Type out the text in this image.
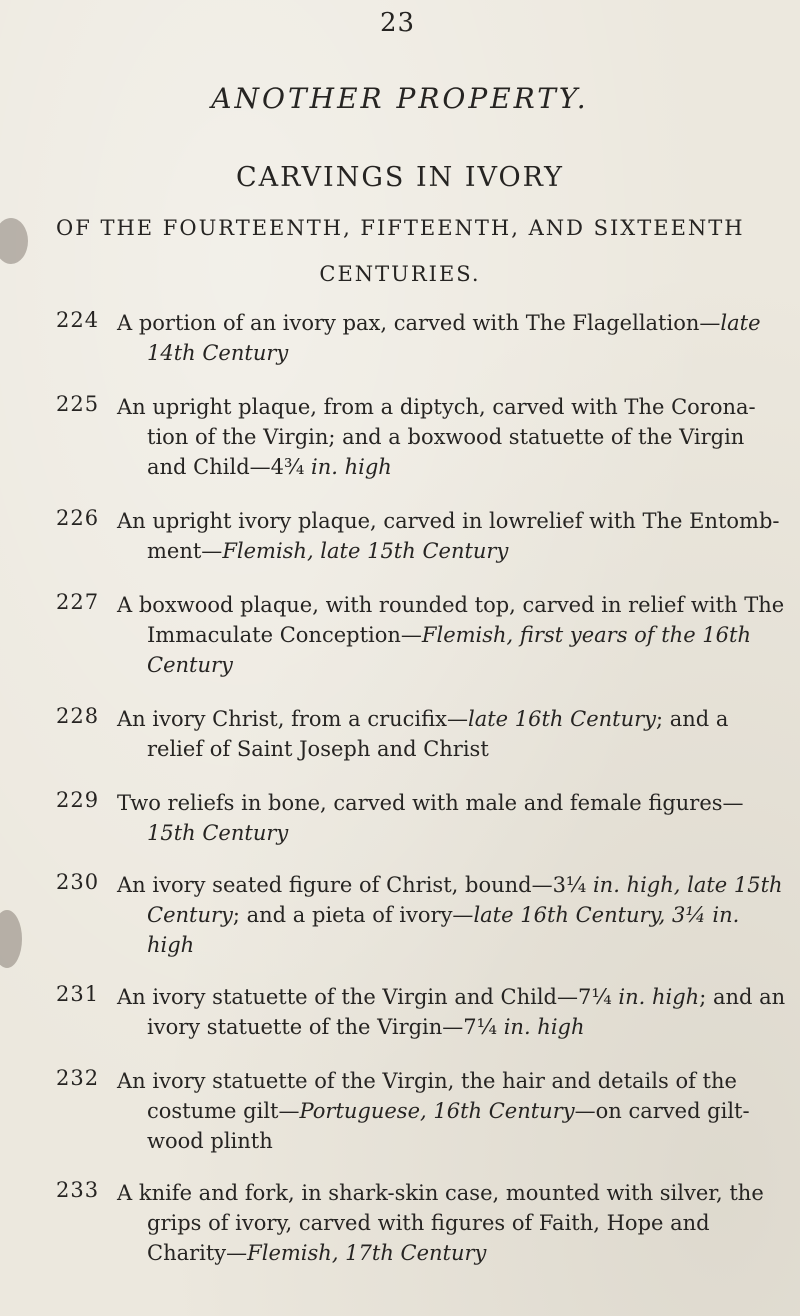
23
ANOTHER PROPERTY.
CARVINGS IN IVORY
OF THE FOURTEENTH, FIFTEENTH, AND SIXTEENTH
CENTURIES.
224 A portion of an ivory pax, carved with The Flagellation—late 14th Century

225 An upright plaque, from a diptych, carved with The Corona-tion of the Virgin; and a boxwood statuette of the Virgin and Child—4¾ in. high

226 An upright ivory plaque, carved in lowrelief with The Entomb-ment—Flemish, late 15th Century

227 A boxwood plaque, with rounded top, carved in relief with The Immaculate Conception—Flemish, first years of the 16th Century

228 An ivory Christ, from a crucifix—late 16th Century; and a relief of Saint Joseph and Christ

229 Two reliefs in bone, carved with male and female figures—15th Century

230 An ivory seated figure of Christ, bound—3¼ in. high, late 15th Century; and a pieta of ivory—late 16th Century, 3¼ in. high

231 An ivory statuette of the Virgin and Child—7¼ in. high; and an ivory statuette of the Virgin—7¼ in. high

232 An ivory statuette of the Virgin, the hair and details of the costume gilt—Portuguese, 16th Century—on carved gilt-wood plinth

233 A knife and fork, in shark-skin case, mounted with silver, the grips of ivory, carved with figures of Faith, Hope and Charity—Flemish, 17th Century
